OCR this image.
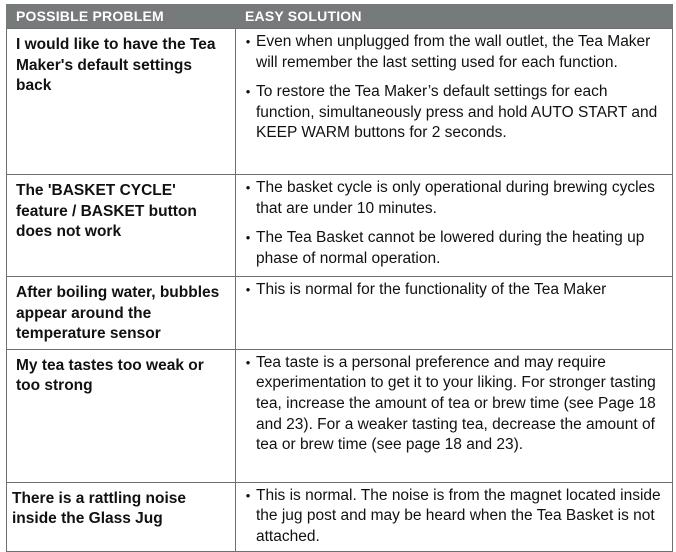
POSSIBLE PROBLEM	EASY SOLUTION
I would like to have the Tea Maker's default settings back	• Even when unplugged from the wall outlet, the Tea Maker will remember the last setting used for each function.
• To restore the Tea Maker’s default settings for each function, simultaneously press and hold AUTO START and KEEP WARM buttons for 2 seconds.

The 'BASKET CYCLE' feature / BASKET button does not work	• The basket cycle is only operational during brewing cycles that are under 10 minutes.
• The Tea Basket cannot be lowered during the heating up phase of normal operation.

After boiling water, bubbles appear around the temperature sensor	• This is normal for the functionality of the Tea Maker

My tea tastes too weak or too strong	• Tea taste is a personal preference and may require experimentation to get it to your liking. For stronger tasting tea, increase the amount of tea or brew time (see Page 18 and 23). For a weaker tasting tea, decrease the amount of tea or brew time (see page 18 and 23).

There is a rattling noise inside the Glass Jug	• This is normal. The noise is from the magnet located inside the jug post and may be heard when the Tea Basket is not attached.
